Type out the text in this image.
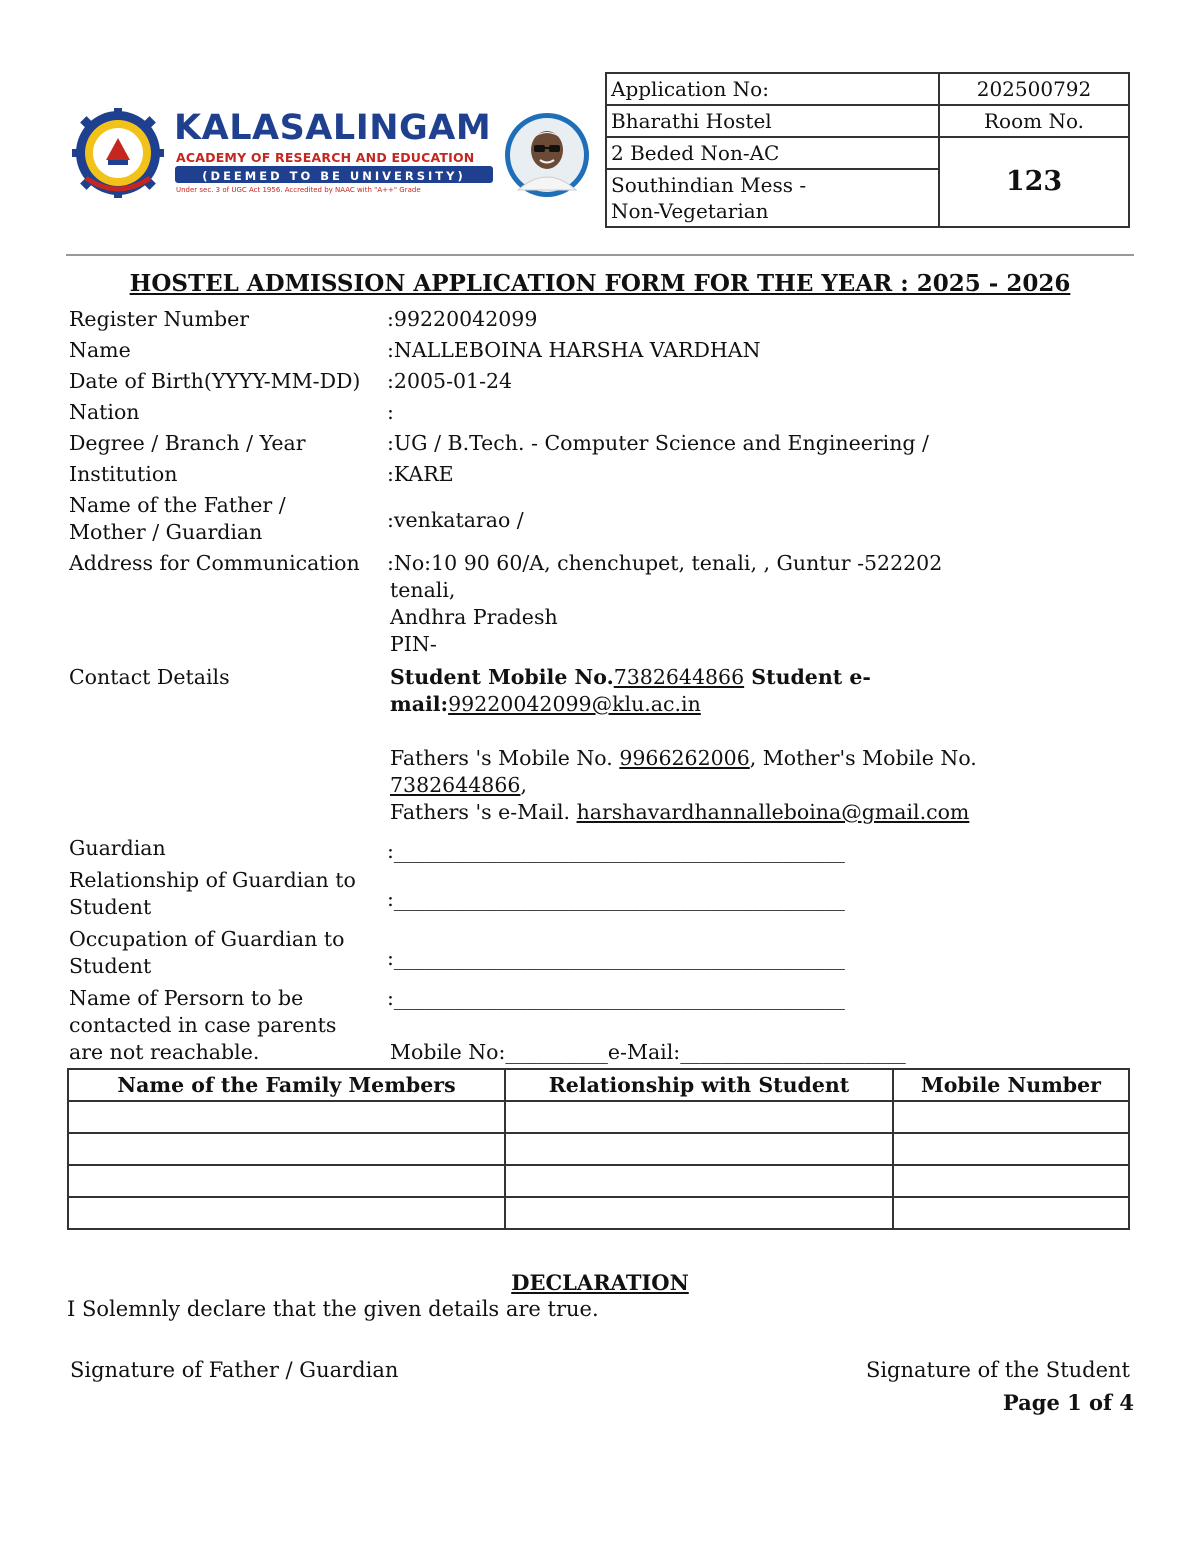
KALASALINGAM
ACADEMY OF RESEARCH AND EDUCATION
(DEEMED TO BE UNIVERSITY)
Under sec. 3 of UGC Act 1956. Accredited by NAAC with "A++" Grade
Application No:	202500792
Bharathi Hostel	Room No.
2 Beded Non-AC	123
Southindian Mess -
Non-Vegetarian	
HOSTEL ADMISSION APPLICATION FORM FOR THE YEAR : 2025 - 2026
Register Number	:99220042099
Name	:NALLEBOINA HARSHA VARDHAN
Date of Birth(YYYY-MM-DD) :2005-01-24
Nation	:
Degree / Branch / Year	:UG / B.Tech. - Computer Science and Engineering /
Institution	:KARE
Name of the Father /
Mother / Guardian	:venkatarao /
Address for Communication :No:10 90 60/A, chenchupet, tenali, , Guntur -522202
tenali,
Andhra Pradesh
PIN-
Contact Details	Student Mobile No.7382644866 Student e-
mail:99220042099@klu.ac.in

Fathers 's Mobile No. 9966262006, Mother's Mobile No.
7382644866,
Fathers 's e-Mail. harshavardhannalleboina@gmail.com
Guardian	:____________________________________________
Relationship of Guardian to
Student	:____________________________________________
Occupation of Guardian to
Student	:____________________________________________
Name of Persorn to be
contacted in case parents
are not reachable.
:____________________________________________
Mobile No:__________e-Mail:______________________
Name of the Family Members	Relationship with Student	Mobile Number

DECLARATION
I Solemnly declare that the given details are true.
Signature of Father / Guardian	Signature of the Student
Page 1 of 4
